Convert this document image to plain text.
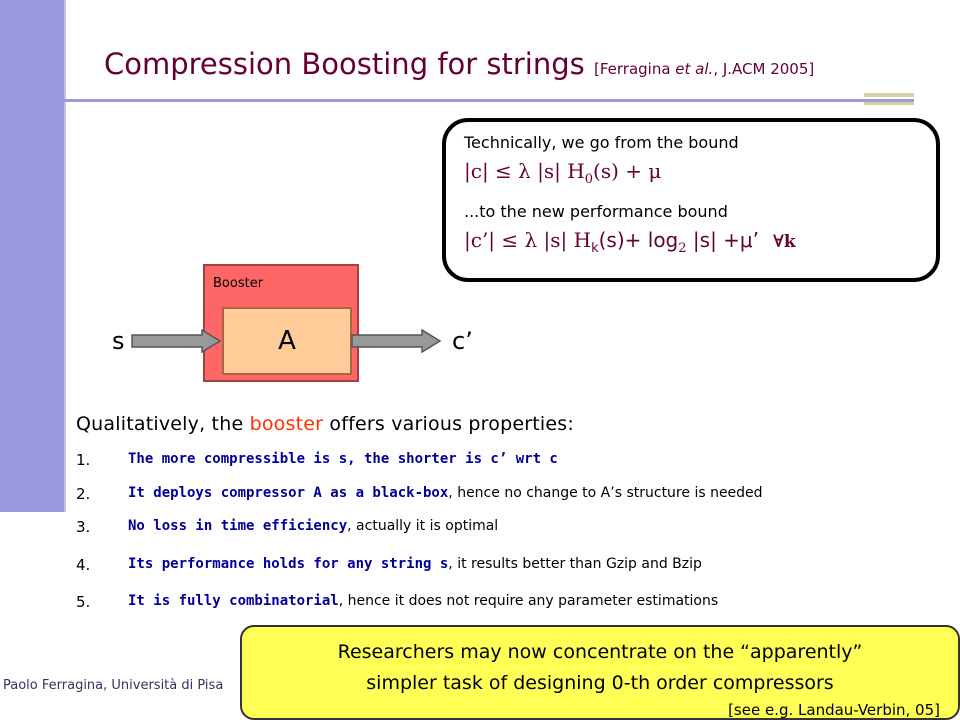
Compression Boosting for strings [Ferragina et al., J.ACM 2005]
Technically, we go from the bound
|c| ≤ λ |s| $H_0(s) + \mu$
...to the new performance bound
|c’| ≤ λ |s| $H_k(s)+ \log_2 |s| +\mu$’ ∀k
Booster
A
s	c’
Qualitatively, the booster offers various properties:
1.	The more compressible is s, the shorter is c’ wrt c
2.	It deploys compressor A as a black-box, hence no change to A’s structure is needed
3.	No loss in time efficiency, actually it is optimal
4.	Its performance holds for any string s, it results better than Gzip and Bzip
5.	It is fully combinatorial, hence it does not require any parameter estimations
Paolo Ferragina, Università di Pisa
Researchers may now concentrate on the “apparently”
simpler task of designing 0-th order compressors
[see e.g. Landau-Verbin, 05]
